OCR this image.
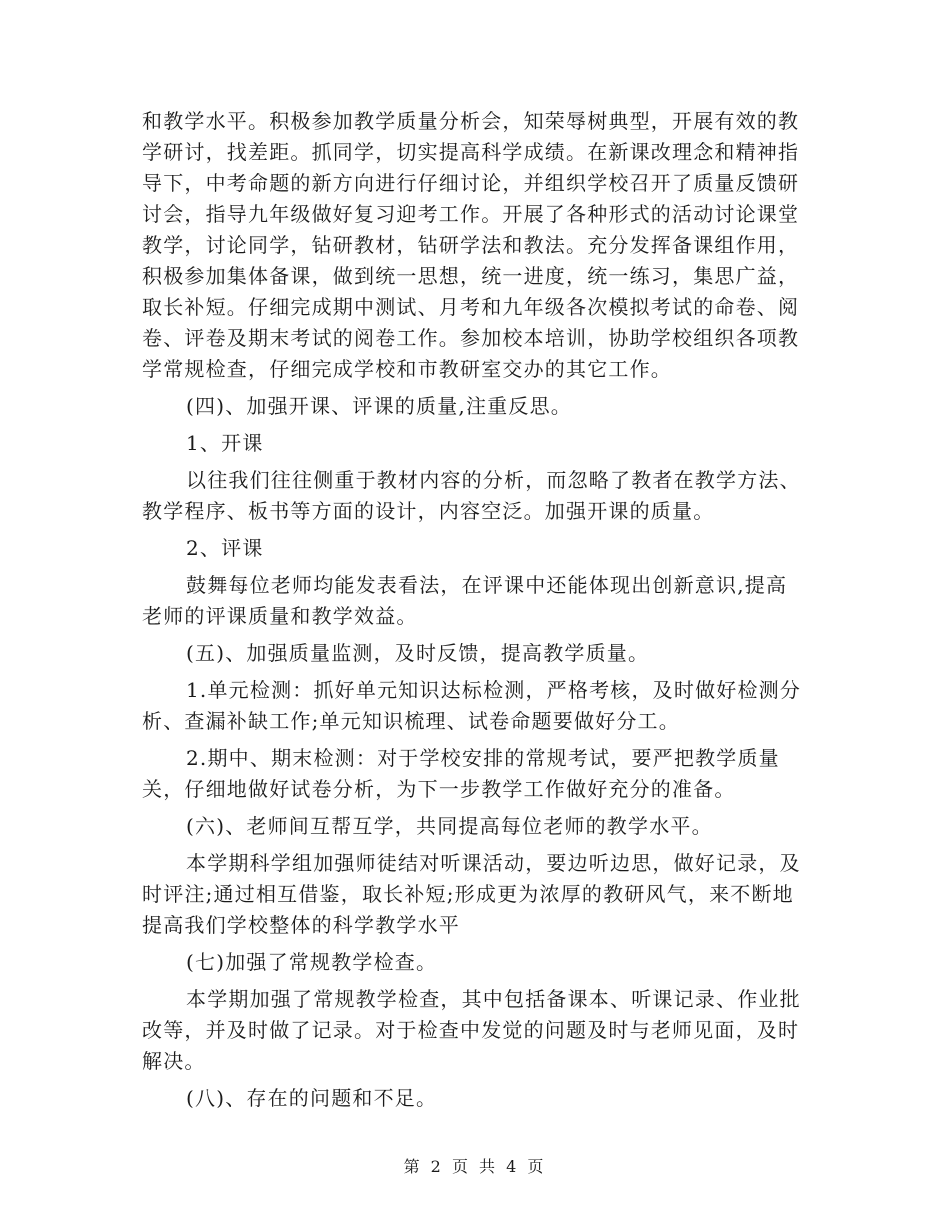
和教学水平。积极参加教学质量分析会，知荣辱树典型，开展有效的教学研讨，找差距。抓同学，切实提高科学成绩。在新课改理念和精神指导下，中考命题的新方向进行仔细讨论，并组织学校召开了质量反馈研讨会，指导九年级做好复习迎考工作。开展了各种形式的活动讨论课堂教学，讨论同学，钻研教材，钻研学法和教法。充分发挥备课组作用，积极参加集体备课，做到统一思想，统一进度，统一练习，集思广益，取长补短。仔细完成期中测试、月考和九年级各次模拟考试的命卷、阅卷、评卷及期末考试的阅卷工作。参加校本培训，协助学校组织各项教学常规检查，仔细完成学校和市教研室交办的其它工作。

(四)、加强开课、评课的质量,注重反思。

1、开课

以往我们往往侧重于教材内容的分析，而忽略了教者在教学方法、教学程序、板书等方面的设计，内容空泛。加强开课的质量。

2、评课

鼓舞每位老师均能发表看法，在评课中还能体现出创新意识,提高老师的评课质量和教学效益。

(五)、加强质量监测，及时反馈，提高教学质量。

1.单元检测：抓好单元知识达标检测，严格考核，及时做好检测分析、查漏补缺工作;单元知识梳理、试卷命题要做好分工。

2.期中、期末检测：对于学校安排的常规考试，要严把教学质量关，仔细地做好试卷分析，为下一步教学工作做好充分的准备。

(六)、老师间互帮互学，共同提高每位老师的教学水平。

本学期科学组加强师徒结对听课活动，要边听边思，做好记录，及时评注;通过相互借鉴，取长补短;形成更为浓厚的教研风气，来不断地提高我们学校整体的科学教学水平

(七)加强了常规教学检查。

本学期加强了常规教学检查，其中包括备课本、听课记录、作业批改等，并及时做了记录。对于检查中发觉的问题及时与老师见面，及时解决。

(八)、存在的问题和不足。

第 2 页 共 4 页
